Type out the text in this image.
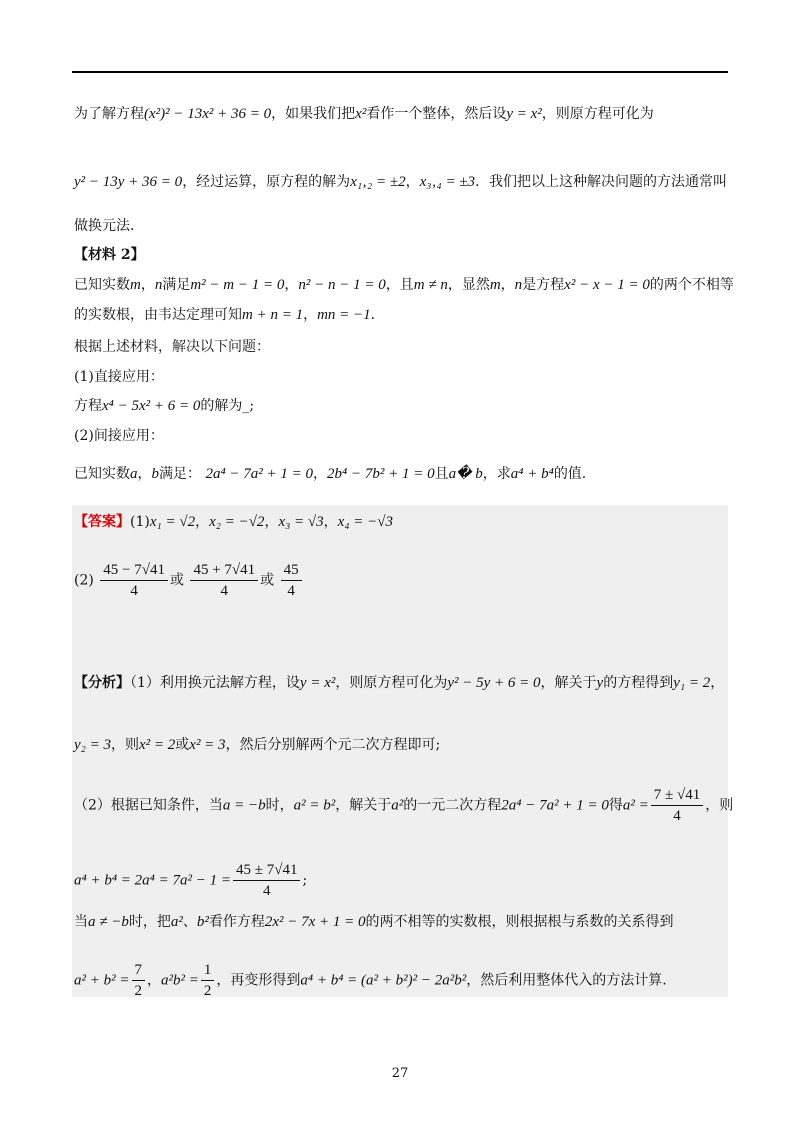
为了解方程(x²)² − 13x² + 36 = 0，如果我们把x²看作一个整体，然后设y = x²，则原方程可化为
y² − 13y + 36 = 0，经过运算，原方程的解为x₁‚₂ = ±2，x₃‚₄ = ±3．我们把以上这种解决问题的方法通常叫
做换元法．
【材料 2】
已知实数m，n满足m² − m − 1 = 0，n² − n − 1 = 0，且m ≠ n，显然m，n是方程x² − x − 1 = 0的两个不相等
的实数根，由韦达定理可知m + n = 1，mn = −1.
根据上述材料，解决以下问题：
(1)直接应用：
方程x⁴ − 5x² + 6 = 0的解为_;
(2)间接应用：
已知实数a，b满足： 2a⁴ − 7a² + 1 = 0，2b⁴ − 7b² + 1 = 0且a� b，求a⁴ + b⁴的值.
【答案】(1)x₁ = √2，x₂ = −√2，x₃ = √3，x₄ = −√3
$(2) \frac{45 - 7√41}{4}$ 或 $\frac{45 + 7√41}{4}$ 或 $\frac{45}{4}$
【分析】（1）利用换元法解方程，设y = x²，则原方程可化为y² − 5y + 6 = 0，解关于y的方程得到y₁ = 2，
y₂ = 3，则x² = 2或x² = 3，然后分别解两个元二次方程即可;
（2）根据已知条件，当a = −b时，a² = b²，解关于a²的一元二次方程2a⁴ − 7a² + 1 = 0得$a^2 = \frac{7 \pm √41}{4}$ ，则
$a^4 + b^4 = 2a^4 = 7a^2 - 1 = \frac{45 \pm 7√41}{4}$ ;
当a ≠ −b时，把a²、b²看作方程2x² − 7x + 1 = 0的两不相等的实数根，则根据根与系数的关系得到
$a^2 + b^2 = \frac{7}{2}$ ，$a^2b^2 = \frac{1}{2}$ ，再变形得到a⁴ + b⁴ = (a² + b²)² − 2a²b²，然后利用整体代入的方法计算.
27
